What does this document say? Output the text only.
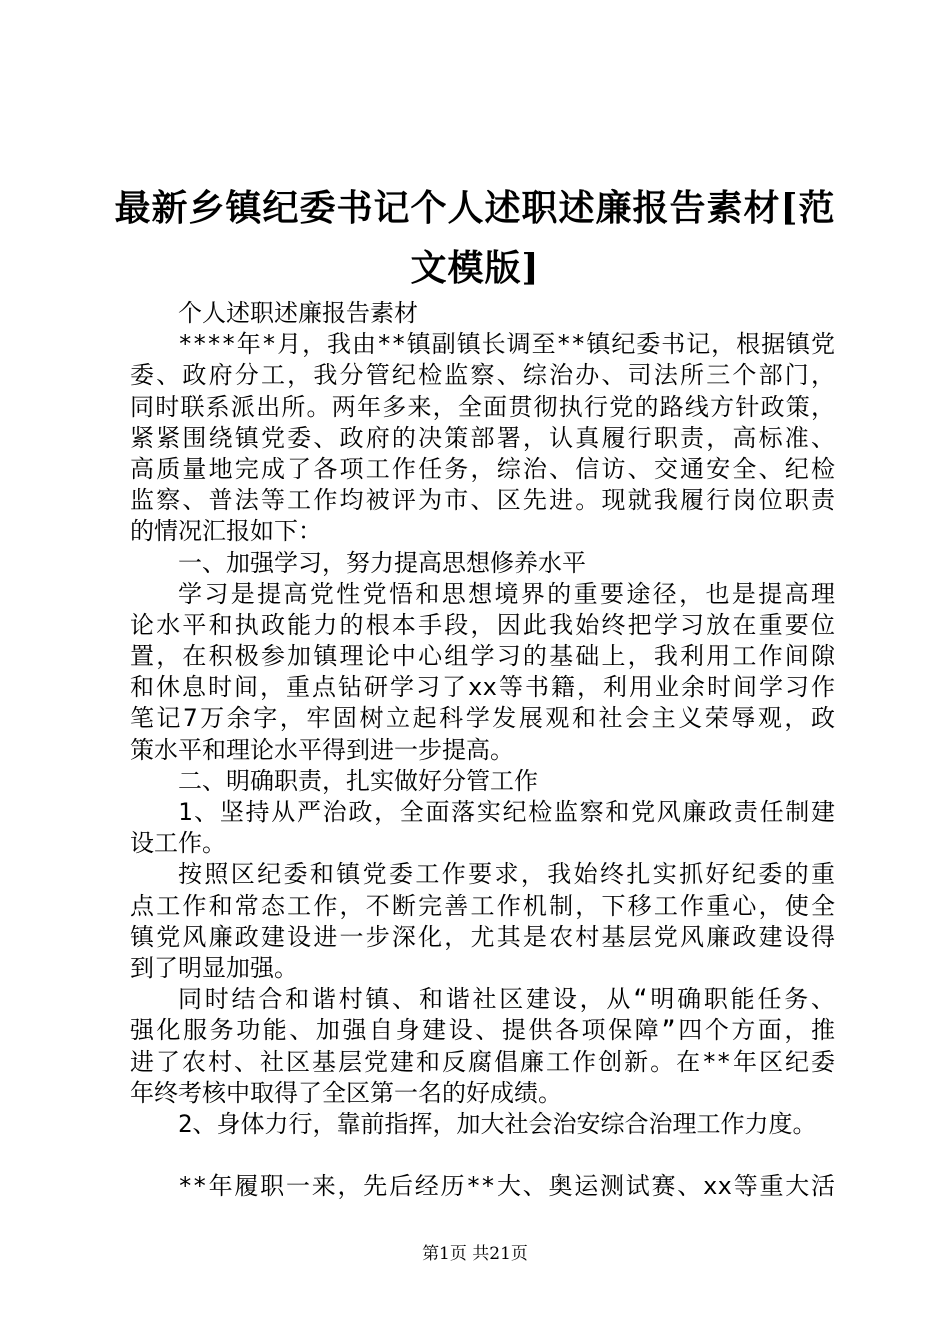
最新乡镇纪委书记个人述职述廉报告素材[范
文模版]
个人述职述廉报告素材
****年*月，我由**镇副镇长调至**镇纪委书记，根据镇党
委、政府分工，我分管纪检监察、综治办、司法所三个部门，
同时联系派出所。两年多来，全面贯彻执行党的路线方针政策，
紧紧围绕镇党委、政府的决策部署，认真履行职责，高标准、
高质量地完成了各项工作任务，综治、信访、交通安全、纪检
监察、普法等工作均被评为市、区先进。现就我履行岗位职责
的情况汇报如下：
一、加强学习，努力提高思想修养水平
学习是提高党性党悟和思想境界的重要途径，也是提高理
论水平和执政能力的根本手段，因此我始终把学习放在重要位
置，在积极参加镇理论中心组学习的基础上，我利用工作间隙
和休息时间，重点钻研学习了xx等书籍，利用业余时间学习作
笔记7万余字，牢固树立起科学发展观和社会主义荣辱观，政
策水平和理论水平得到进一步提高。
二、明确职责，扎实做好分管工作
1、坚持从严治政，全面落实纪检监察和党风廉政责任制建
设工作。
按照区纪委和镇党委工作要求，我始终扎实抓好纪委的重
点工作和常态工作，不断完善工作机制，下移工作重心，使全
镇党风廉政建设进一步深化，尤其是农村基层党风廉政建设得
到了明显加强。
同时结合和谐村镇、和谐社区建设，从“明确职能任务、
强化服务功能、加强自身建设、提供各项保障”四个方面，推
进了农村、社区基层党建和反腐倡廉工作创新。在**年区纪委
年终考核中取得了全区第一名的好成绩。
2、身体力行，靠前指挥，加大社会治安综合治理工作力度。
**年履职一来，先后经历**大、奥运测试赛、xx等重大活
第1页 共21页
